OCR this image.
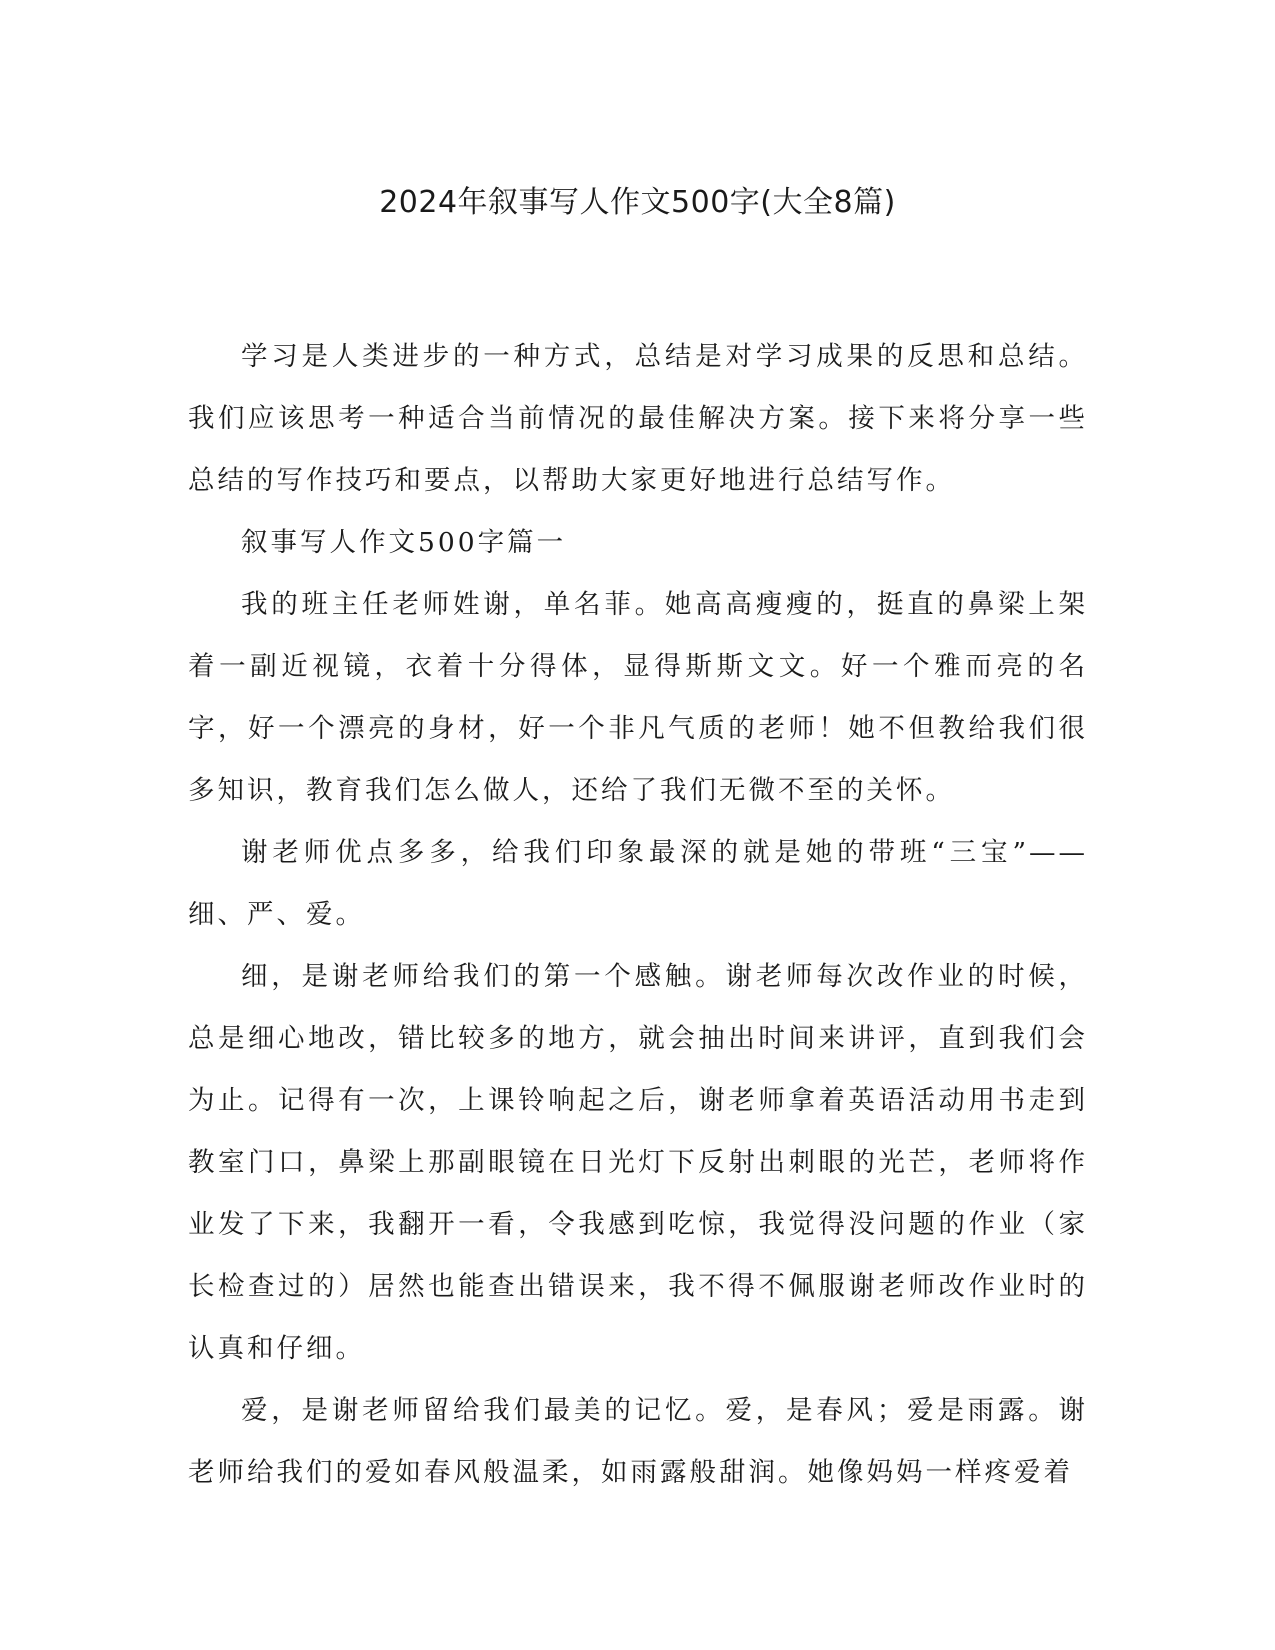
2024年叙事写人作文500字(大全8篇)

学习是人类进步的一种方式，总结是对学习成果的反思和总结。我们应该思考一种适合当前情况的最佳解决方案。接下来将分享一些总结的写作技巧和要点，以帮助大家更好地进行总结写作。

叙事写人作文500字篇一

我的班主任老师姓谢，单名菲。她高高瘦瘦的，挺直的鼻梁上架着一副近视镜，衣着十分得体，显得斯斯文文。好一个雅而亮的名字，好一个漂亮的身材，好一个非凡气质的老师！她不但教给我们很多知识，教育我们怎么做人，还给了我们无微不至的关怀。

谢老师优点多多，给我们印象最深的就是她的带班“三宝”——细、严、爱。

细，是谢老师给我们的第一个感触。谢老师每次改作业的时候，总是细心地改，错比较多的地方，就会抽出时间来讲评，直到我们会为止。记得有一次，上课铃响起之后，谢老师拿着英语活动用书走到教室门口，鼻梁上那副眼镜在日光灯下反射出刺眼的光芒，老师将作业发了下来，我翻开一看，令我感到吃惊，我觉得没问题的作业（家长检查过的）居然也能查出错误来，我不得不佩服谢老师改作业时的认真和仔细。

爱，是谢老师留给我们最美的记忆。爱，是春风；爱是雨露。谢老师给我们的爱如春风般温柔，如雨露般甜润。她像妈妈一样疼爱着
